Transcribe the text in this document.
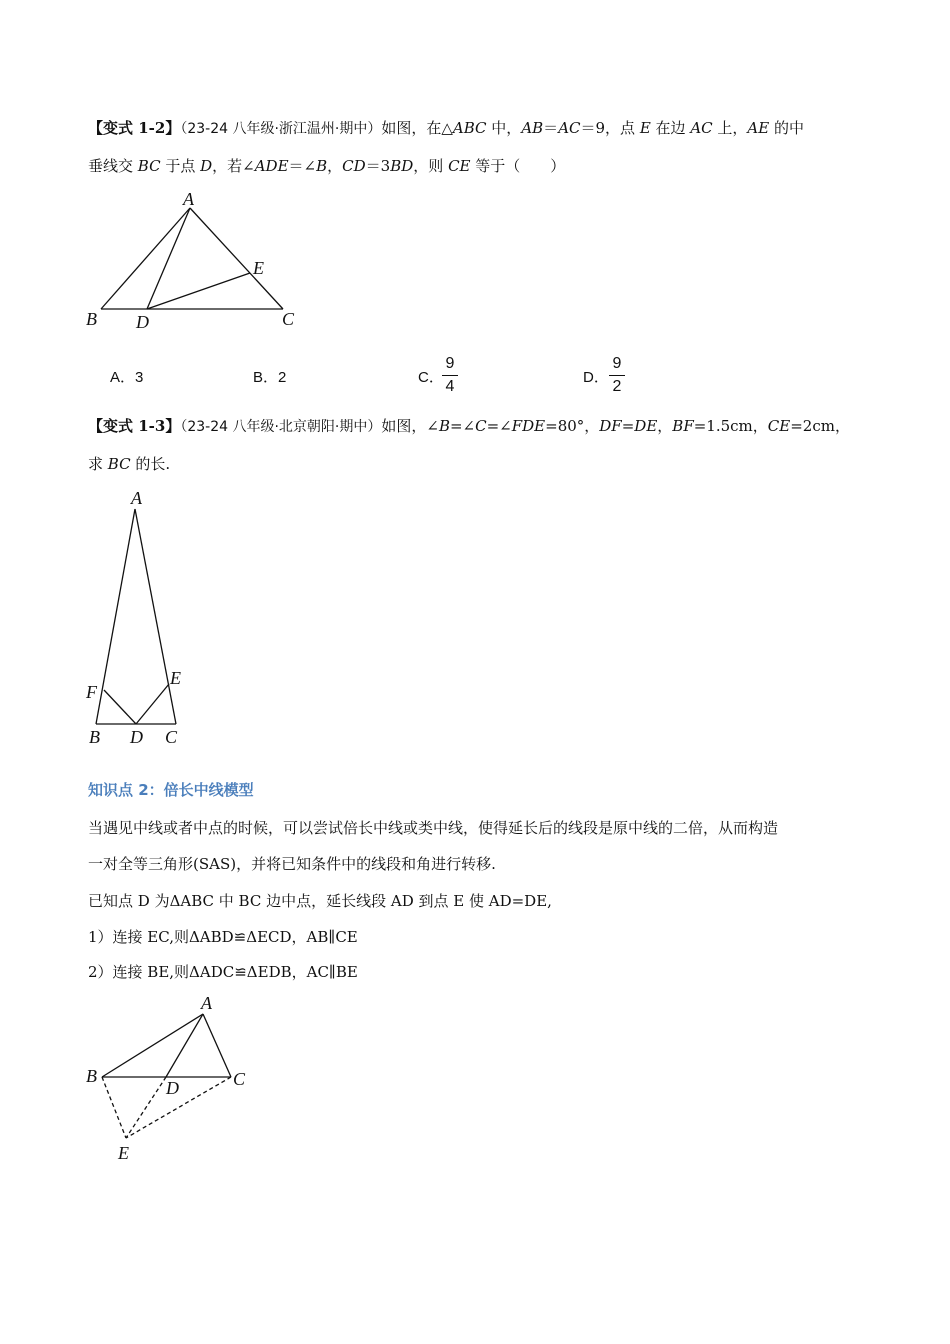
【变式 1-2】（23-24 八年级·浙江温州·期中）如图，在△ABC 中，AB＝AC＝9，点 E 在边 AC 上，AE 的中
垂线交 BC 于点 D，若∠ADE＝∠B，CD＝3BD，则 CE 等于（　　）
A．3	B．2	C．
9
4
D．
9
2
【变式 1-3】（23-24 八年级·北京朝阳·期中）如图，∠B=∠C=∠FDE=80°，DF=DE，BF=1.5cm，CE=2cm，
求 BC 的长.
知识点 2：倍长中线模型
当遇见中线或者中点的时候，可以尝试倍长中线或类中线，使得延长后的线段是原中线的二倍，从而构造
一对全等三角形(SAS)，并将已知条件中的线段和角进行转移.
已知点 D 为ΔABC 中 BC 边中点，延长线段 AD 到点 E 使 AD=DE,
1）连接 EC,则ΔABD≌ΔECD，AB∥CE
2）连接 BE,则ΔADC≌ΔEDB，AC∥BE
A
E
B D	C
A
E
F
B D C
A
B
D	C
E
